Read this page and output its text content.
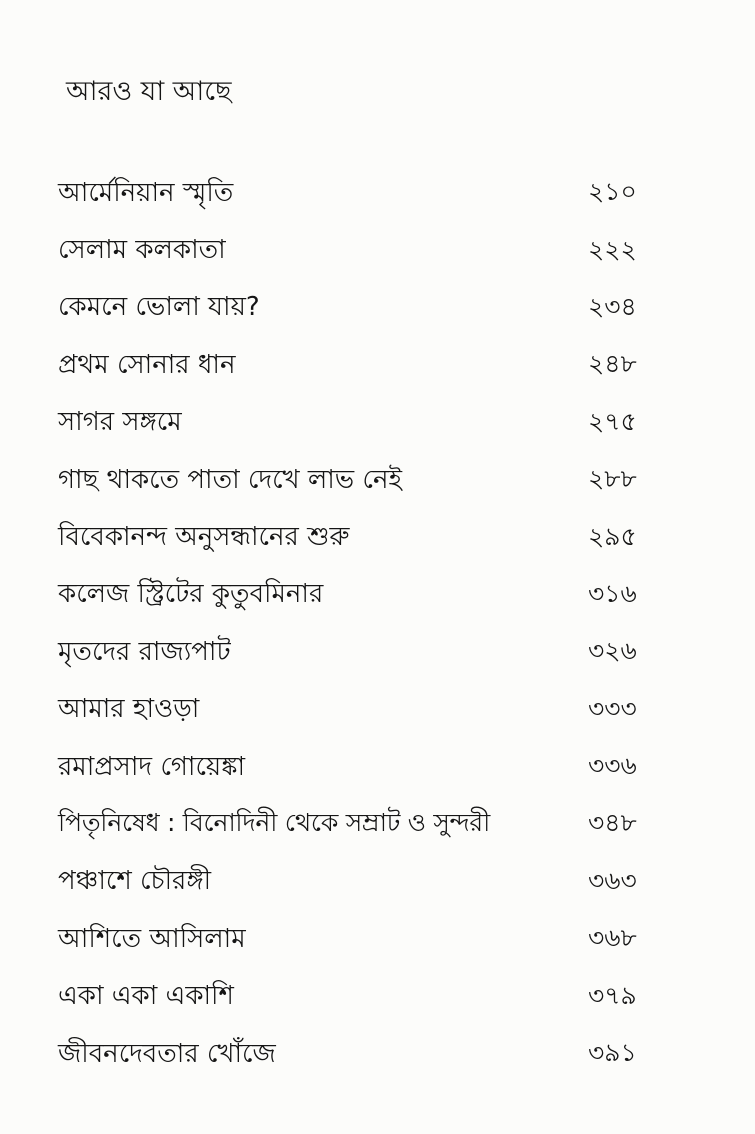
আরও যা আছে
আর্মেনিয়ান স্মৃতি	২১০
সেলাম কলকাতা	২২২
কেমনে ভোলা যায়?	২৩৪
প্রথম সোনার ধান	২৪৮
সাগর সঙ্গমে	২৭৫
গাছ থাকতে পাতা দেখে লাভ নেই	২৮৮
বিবেকানন্দ অনুসন্ধানের শুরু	২৯৫
কলেজ স্ট্রিটের কুতুবমিনার	৩১৬
মৃতদের রাজ্যপাট	৩২৬
আমার হাওড়া	৩৩৩
রমাপ্রসাদ গোয়েঙ্কা	৩৩৬
পিতৃনিষেধ : বিনোদিনী থেকে সম্রাট ও সুন্দরী	৩৪৮
পঞ্চাশে চৌরঙ্গী	৩৬৩
আশিতে আসিলাম	৩৬৮
একা একা একাশি	৩৭৯
জীবনদেবতার খোঁজে	৩৯১
